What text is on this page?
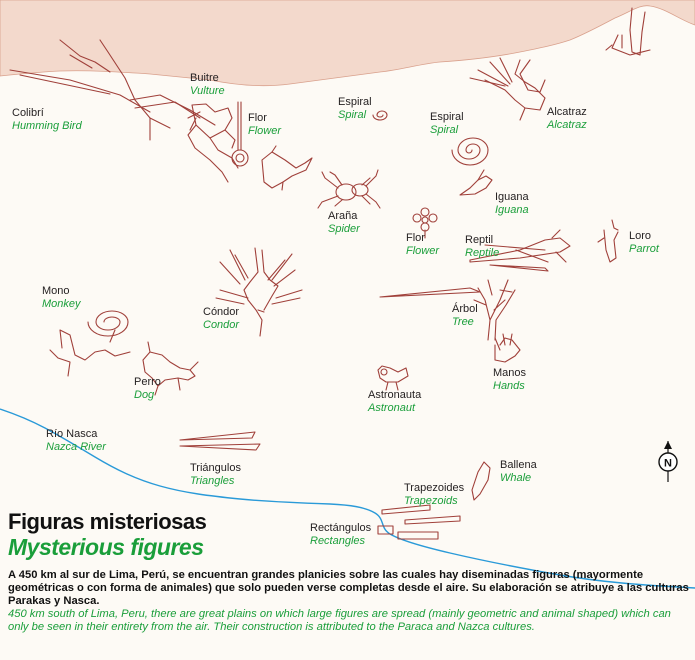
Colibrí
Humming Bird
Buitre
Vulture
Flor
Flower
Espiral
Spiral	Espiral
Spiral
Alcatraz
Alcatraz
Iguana
Iguana
Araña
Spider
Flor
Flower
Reptil
Reptile
Loro
Parrot
Mono
Monkey
Cóndor
Condor
Árbol
Tree
Manos
Hands
Perro
Dog	Astronauta
Astronaut
Río Nasca
Nazca River
Ballena
Whale
Triángulos
Triangles
Trapezoides
Trapezoids
Rectángulos
Rectangles
N
Figuras misteriosas
Mysterious figures

A 450 km al sur de Lima, Perú, se encuentran grandes planicies sobre las cuales hay diseminadas figuras (mayormente geométricas o con forma de animales) que solo pueden verse completas desde el aire. Su elaboración se atribuye a las culturas Parakas y Nasca.

450 km south of Lima, Peru, there are great plains on which large figures are spread (mainly geometric and animal shaped) which can only be seen in their entirety from the air. Their construction is attributed to the Paraca and Nazca cultures.
